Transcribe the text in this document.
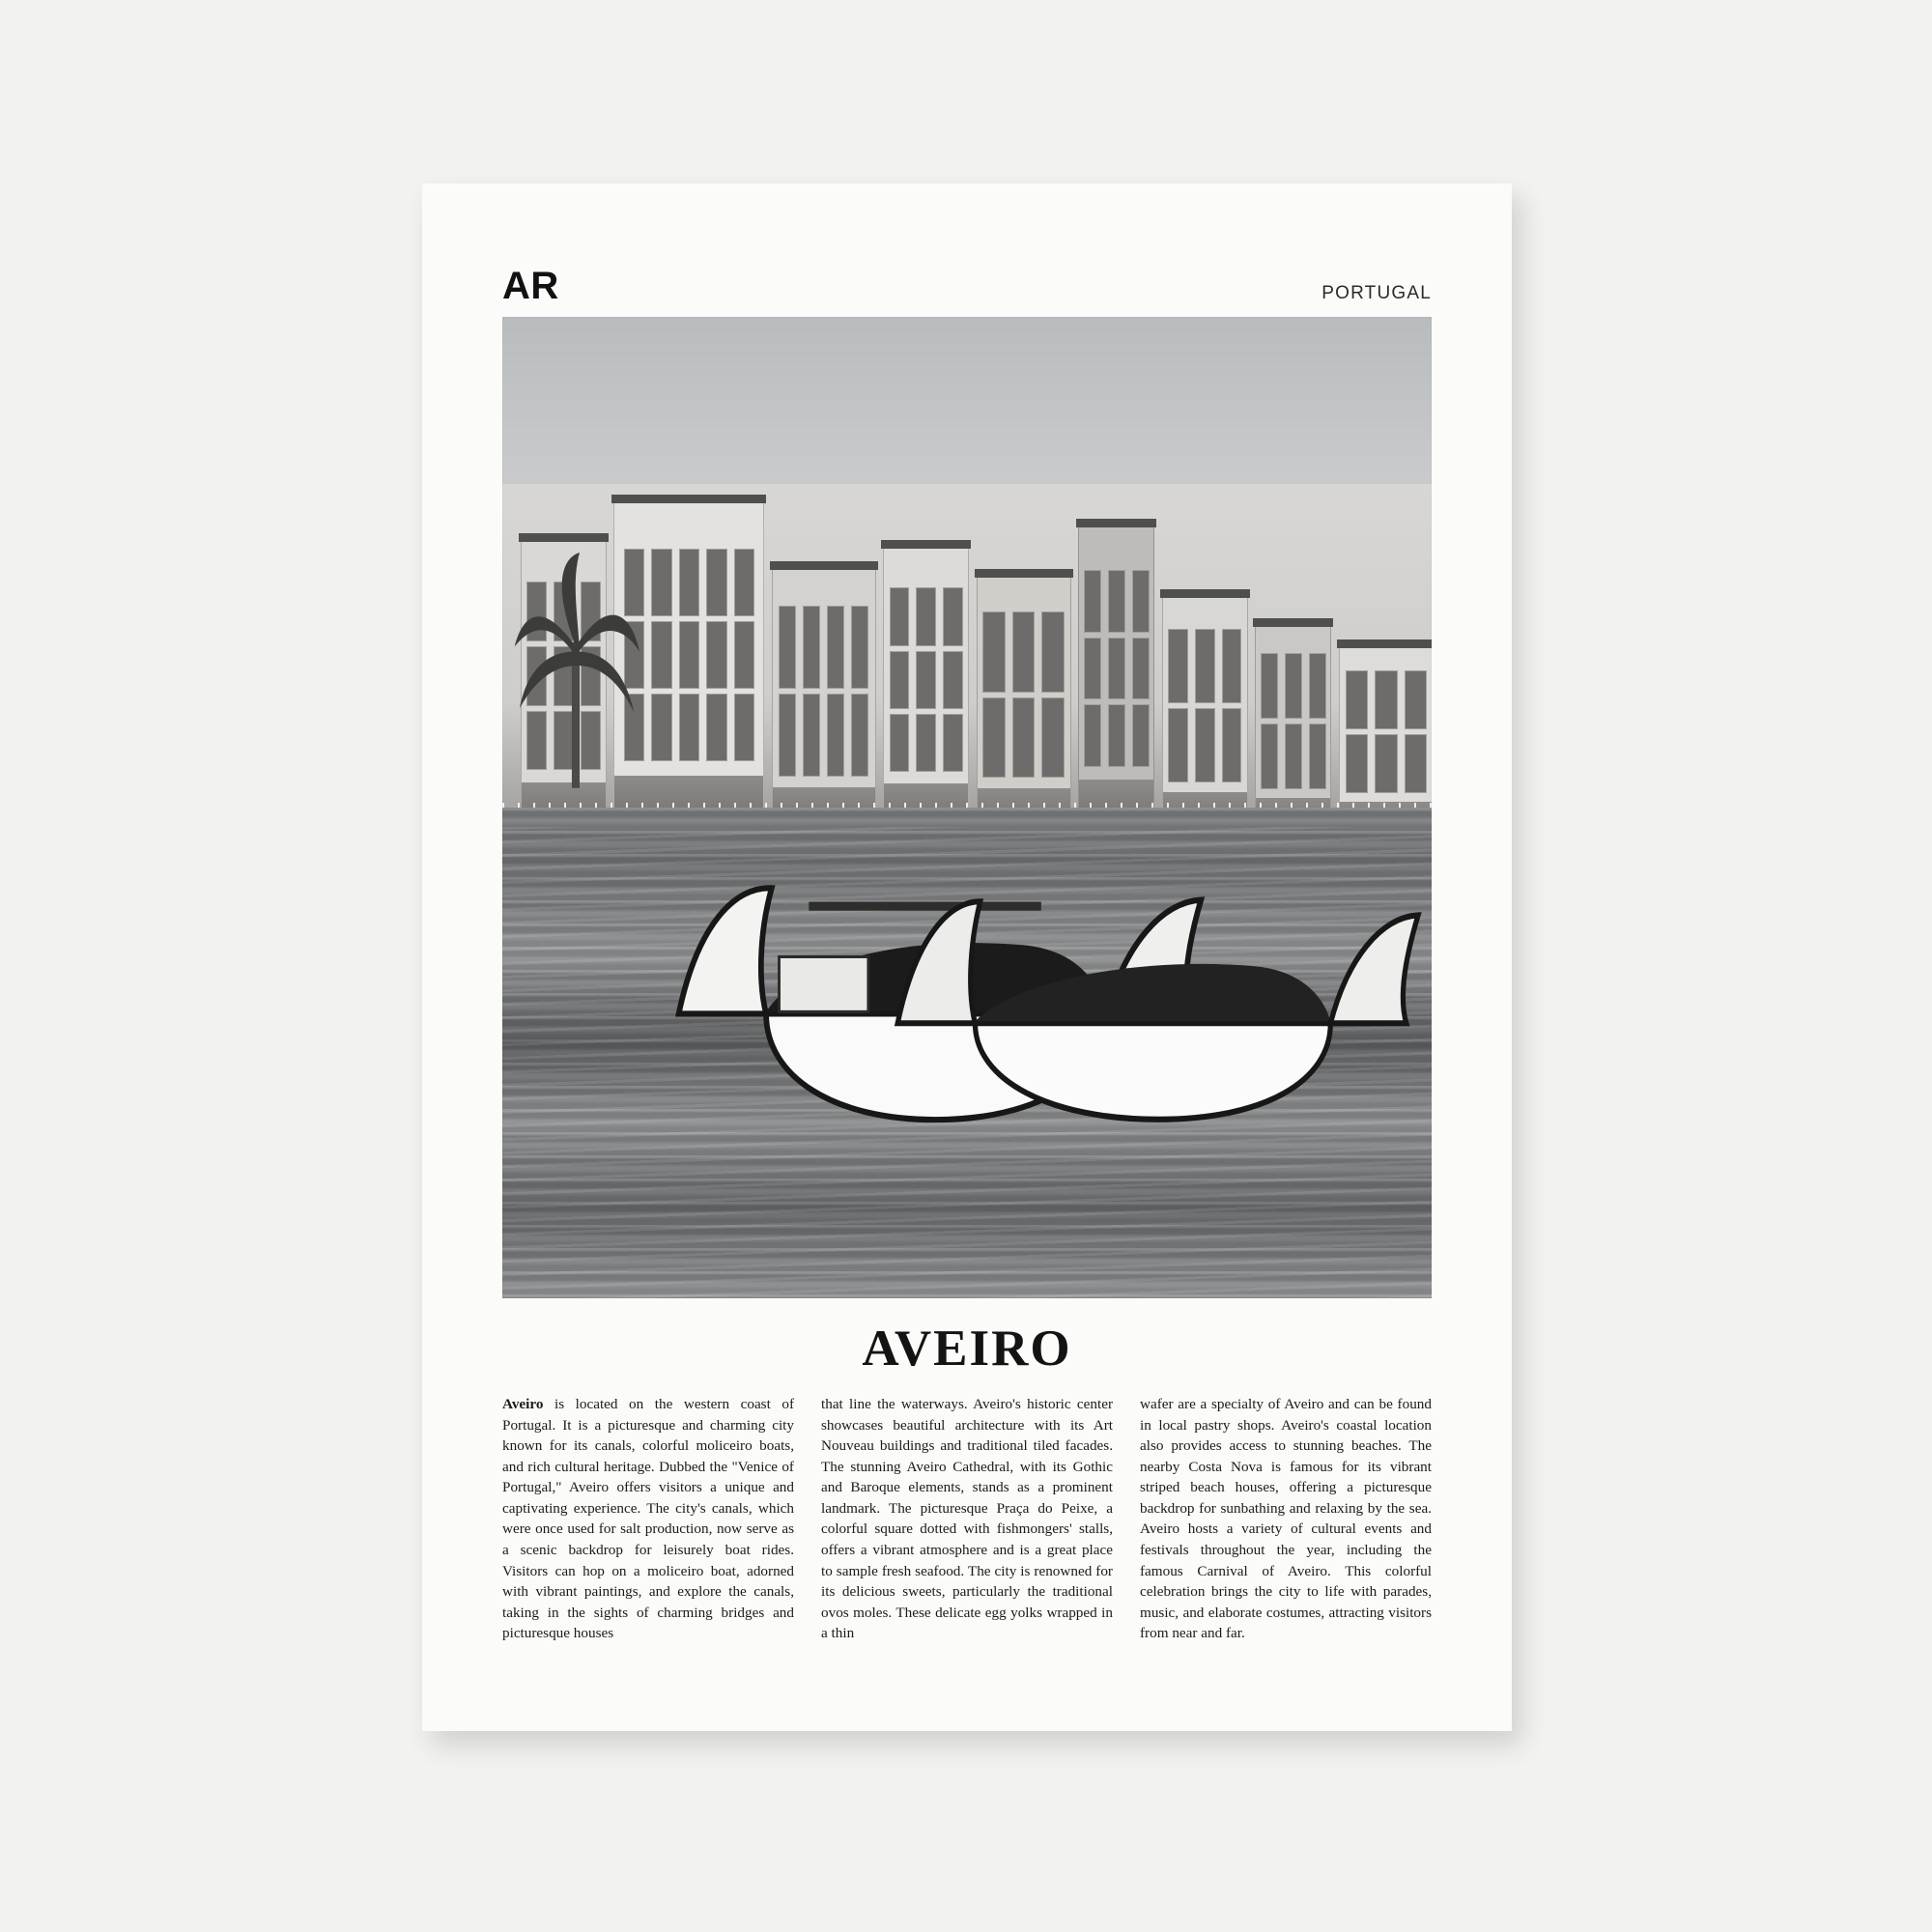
AR	PORTUGAL
AVEIRO
Aveiro is located on the western coast of Portugal. It is a picturesque and charming city known for its canals, colorful moliceiro boats, and rich cultural heritage. Dubbed the "Venice of Portugal," Aveiro offers visitors a unique and captivating experience. The city's canals, which were once used for salt production, now serve as a scenic backdrop for leisurely boat rides. Visitors can hop on a moliceiro boat, adorned with vibrant paintings, and explore the canals, taking in the sights of charming bridges and picturesque houses
that line the waterways. Aveiro's historic center showcases beautiful architecture with its Art Nouveau buildings and traditional tiled facades. The stunning Aveiro Cathedral, with its Gothic and Baroque elements, stands as a prominent landmark. The picturesque Praça do Peixe, a colorful square dotted with fishmongers' stalls, offers a vibrant atmosphere and is a great place to sample fresh seafood. The city is renowned for its delicious sweets, particularly the traditional ovos moles. These delicate egg yolks wrapped in a thin
wafer are a specialty of Aveiro and can be found in local pastry shops. Aveiro's coastal location also provides access to stunning beaches. The nearby Costa Nova is famous for its vibrant striped beach houses, offering a picturesque backdrop for sunbathing and relaxing by the sea. Aveiro hosts a variety of cultural events and festivals throughout the year, including the famous Carnival of Aveiro. This colorful celebration brings the city to life with parades, music, and elaborate costumes, attracting visitors from near and far.
